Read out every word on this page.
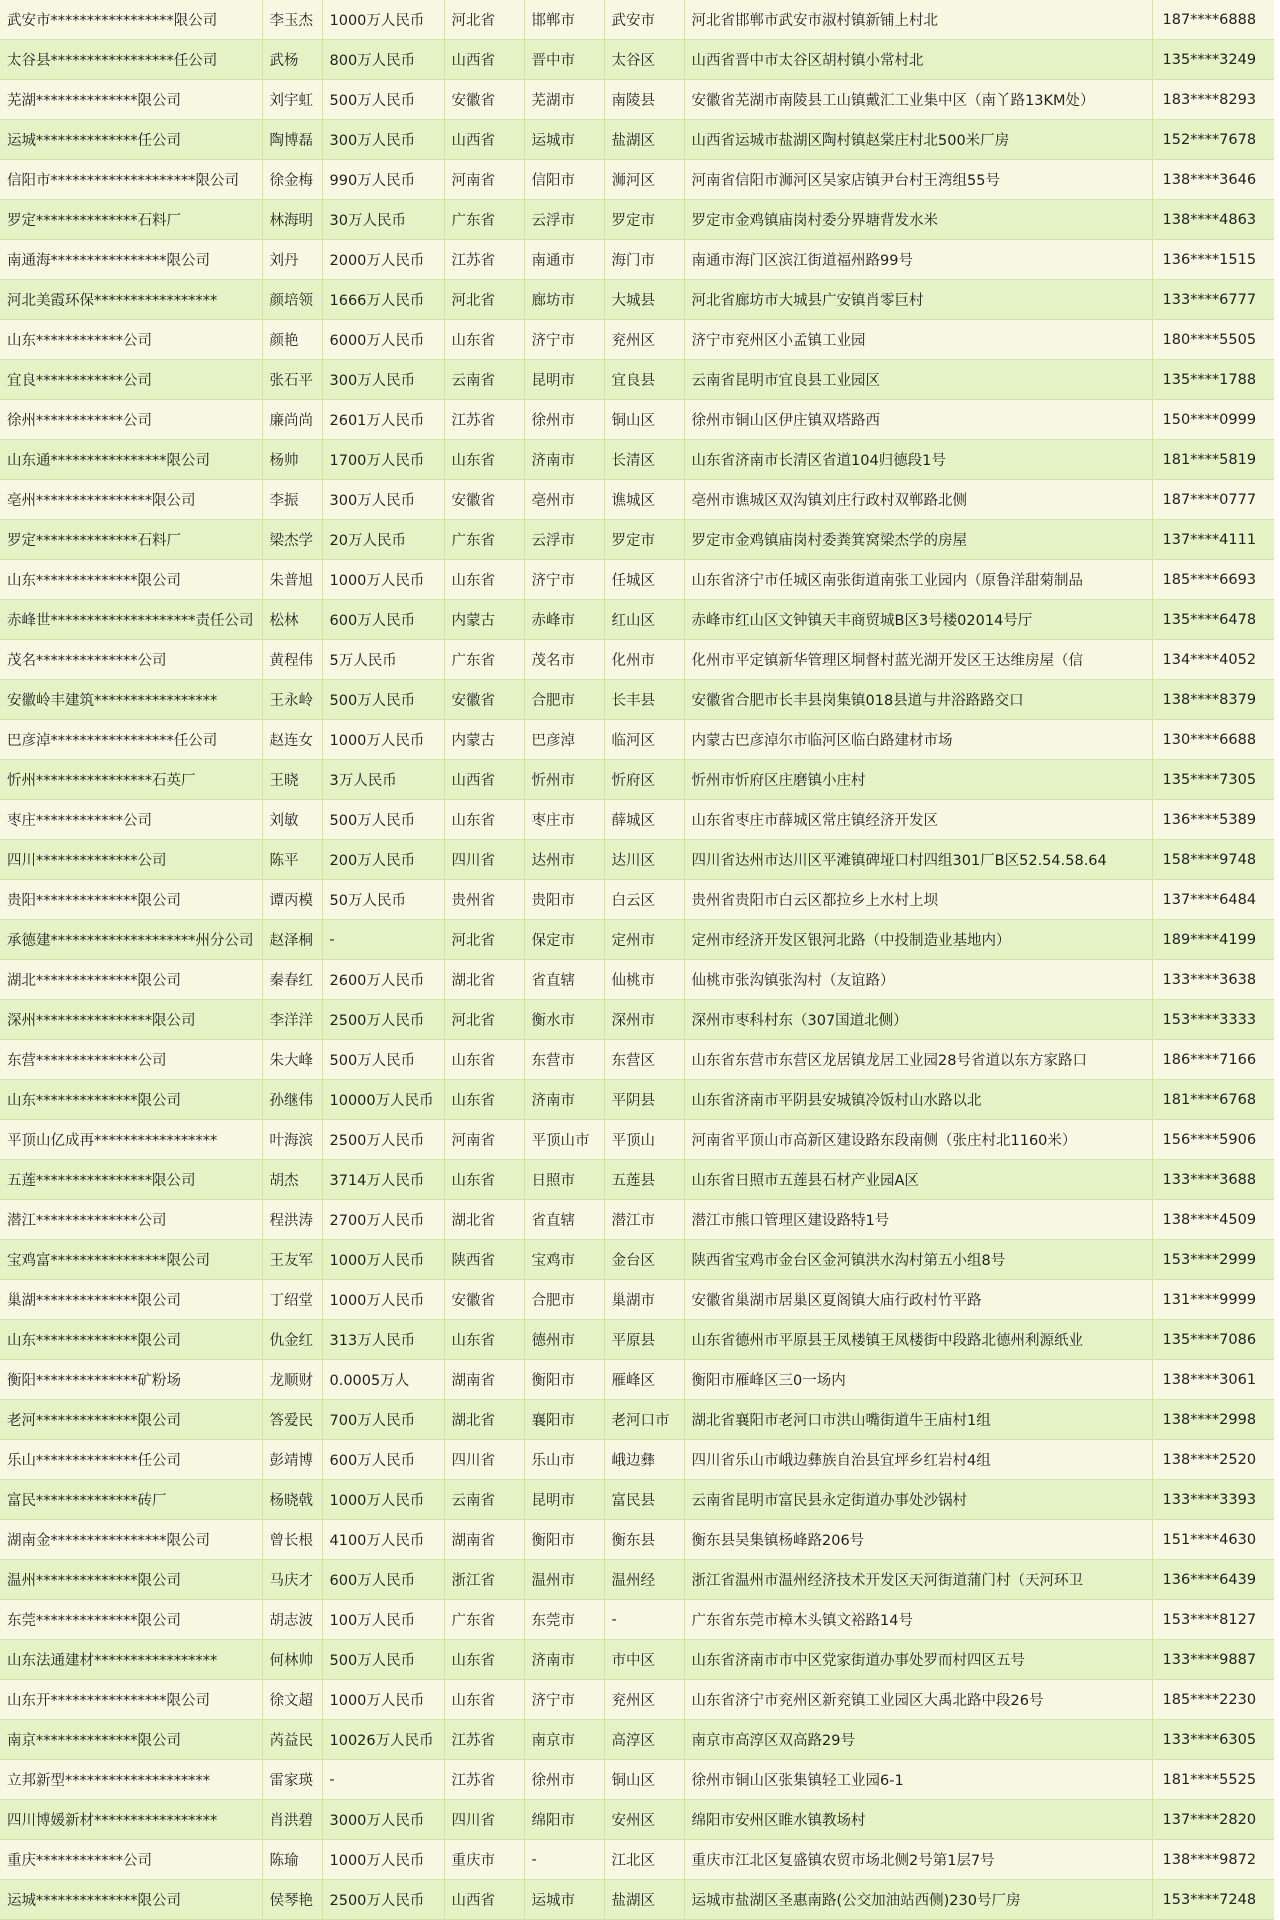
武安市*****************限公司	李玉杰	1000万人民币	河北省	邯郸市	武安市	河北省邯郸市武安市淑村镇新铺上村北	187****6888
太谷县*****************任公司	武杨	800万人民币	山西省	晋中市	太谷区	山西省晋中市太谷区胡村镇小常村北	135****3249
芜湖**************限公司	刘宇虹	500万人民币	安徽省	芜湖市	南陵县	安徽省芜湖市南陵县工山镇戴汇工业集中区（南丫路13KM处）	183****8293
运城**************任公司	陶博磊	300万人民币	山西省	运城市	盐湖区	山西省运城市盐湖区陶村镇赵棠庄村北500米厂房	152****7678
信阳市********************限公司	徐金梅	990万人民币	河南省	信阳市	浉河区	河南省信阳市浉河区吴家店镇尹台村王湾组55号	138****3646
罗定**************石料厂	林海明	30万人民币	广东省	云浮市	罗定市	罗定市金鸡镇庙岗村委分界塘背发水米	138****4863
南通海****************限公司	刘丹	2000万人民币	江苏省	南通市	海门市	南通市海门区滨江街道福州路99号	136****1515
河北美霞环保*****************	颜培领	1666万人民币	河北省	廊坊市	大城县	河北省廊坊市大城县广安镇肖零巨村	133****6777
山东************公司	颜艳	6000万人民币	山东省	济宁市	兖州区	济宁市兖州区小孟镇工业园	180****5505
宜良************公司	张石平	300万人民币	云南省	昆明市	宜良县	云南省昆明市宜良县工业园区	135****1788
徐州************公司	廉尚尚	2601万人民币	江苏省	徐州市	铜山区	徐州市铜山区伊庄镇双塔路西	150****0999
山东通****************限公司	杨帅	1700万人民币	山东省	济南市	长清区	山东省济南市长清区省道104归德段1号	181****5819
亳州****************限公司	李振	300万人民币	安徽省	亳州市	谯城区	亳州市谯城区双沟镇刘庄行政村双郸路北侧	187****0777
罗定**************石料厂	梁杰学	20万人民币	广东省	云浮市	罗定市	罗定市金鸡镇庙岗村委粪箕窝梁杰学的房屋	137****4111
山东**************限公司	朱普旭	1000万人民币	山东省	济宁市	任城区	山东省济宁市任城区南张街道南张工业园内（原鲁洋甜菊制品	185****6693
赤峰世********************责任公司	松林	600万人民币	内蒙古	赤峰市	红山区	赤峰市红山区文钟镇天丰商贸城B区3号楼02014号厅	135****6478
茂名**************公司	黄程伟	5万人民币	广东省	茂名市	化州市	化州市平定镇新华管理区垌督村蓝光湖开发区王达维房屋（信	134****4052
安徽岭丰建筑*****************	王永岭	500万人民币	安徽省	合肥市	长丰县	安徽省合肥市长丰县岗集镇018县道与井浴路路交口	138****8379
巴彦淖*****************任公司	赵连女	1000万人民币	内蒙古	巴彦淖	临河区	内蒙古巴彦淖尔市临河区临白路建材市场	130****6688
忻州****************石英厂	王晓	3万人民币	山西省	忻州市	忻府区	忻州市忻府区庄磨镇小庄村	135****7305
枣庄************公司	刘敏	500万人民币	山东省	枣庄市	薛城区	山东省枣庄市薛城区常庄镇经济开发区	136****5389
四川**************公司	陈平	200万人民币	四川省	达州市	达川区	四川省达州市达川区平滩镇碑垭口村四组301厂B区52.54.58.64	158****9748
贵阳**************限公司	谭丙模	50万人民币	贵州省	贵阳市	白云区	贵州省贵阳市白云区都拉乡上水村上坝	137****6484
承德建********************州分公司	赵泽桐	-	河北省	保定市	定州市	定州市经济开发区银河北路（中投制造业基地内）	189****4199
湖北**************限公司	秦春红	2600万人民币	湖北省	省直辖	仙桃市	仙桃市张沟镇张沟村（友谊路）	133****3638
深州****************限公司	李洋洋	2500万人民币	河北省	衡水市	深州市	深州市枣科村东（307国道北侧）	153****3333
东营**************公司	朱大峰	500万人民币	山东省	东营市	东营区	山东省东营市东营区龙居镇龙居工业园28号省道以东方家路口	186****7166
山东**************限公司	孙继伟	10000万人民币	山东省	济南市	平阴县	山东省济南市平阴县安城镇冷饭村山水路以北	181****6768
平顶山亿成再*****************	叶海滨	2500万人民币	河南省	平顶山市	平顶山	河南省平顶山市高新区建设路东段南侧（张庄村北1160米）	156****5906
五莲****************限公司	胡杰	3714万人民币	山东省	日照市	五莲县	山东省日照市五莲县石材产业园A区	133****3688
潜江**************公司	程洪涛	2700万人民币	湖北省	省直辖	潜江市	潜江市熊口管理区建设路特1号	138****4509
宝鸡富****************限公司	王友军	1000万人民币	陕西省	宝鸡市	金台区	陕西省宝鸡市金台区金河镇洪水沟村第五小组8号	153****2999
巢湖**************限公司	丁绍堂	1000万人民币	安徽省	合肥市	巢湖市	安徽省巢湖市居巢区夏阁镇大庙行政村竹平路	131****9999
山东**************限公司	仇金红	313万人民币	山东省	德州市	平原县	山东省德州市平原县王凤楼镇王凤楼街中段路北德州利源纸业	135****7086
衡阳**************矿粉场	龙顺财	0.0005万人	湖南省	衡阳市	雁峰区	衡阳市雁峰区三0一场内	138****3061
老河**************限公司	答爱民	700万人民币	湖北省	襄阳市	老河口市	湖北省襄阳市老河口市洪山嘴街道牛王庙村1组	138****2998
乐山**************任公司	彭靖博	600万人民币	四川省	乐山市	峨边彝	四川省乐山市峨边彝族自治县宜坪乡红岩村4组	138****2520
富民**************砖厂	杨晓戟	1000万人民币	云南省	昆明市	富民县	云南省昆明市富民县永定街道办事处沙锅村	133****3393
湖南金****************限公司	曾长根	4100万人民币	湖南省	衡阳市	衡东县	衡东县吴集镇杨峰路206号	151****4630
温州**************限公司	马庆才	600万人民币	浙江省	温州市	温州经	浙江省温州市温州经济技术开发区天河街道蒲门村（天河环卫	136****6439
东莞**************限公司	胡志波	100万人民币	广东省	东莞市	-	广东省东莞市樟木头镇文裕路14号	153****8127
山东法通建材*****************	何林帅	500万人民币	山东省	济南市	市中区	山东省济南市市中区党家街道办事处罗而村四区五号	133****9887
山东开****************限公司	徐文超	1000万人民币	山东省	济宁市	兖州区	山东省济宁市兖州区新兖镇工业园区大禹北路中段26号	185****2230
南京**************限公司	芮益民	10026万人民币	江苏省	南京市	高淳区	南京市高淳区双高路29号	133****6305
立邦新型********************	雷家瑛	-	江苏省	徐州市	铜山区	徐州市铜山区张集镇轻工业园6-1	181****5525
四川博媛新材*****************	肖洪碧	3000万人民币	四川省	绵阳市	安州区	绵阳市安州区睢水镇教场村	137****2820
重庆************公司	陈瑜	1000万人民币	重庆市	-	江北区	重庆市江北区复盛镇农贸市场北侧2号第1层7号	138****9872
运城**************限公司	侯琴艳	2500万人民币	山西省	运城市	盐湖区	运城市盐湖区圣惠南路(公交加油站西侧)230号厂房	153****7248
